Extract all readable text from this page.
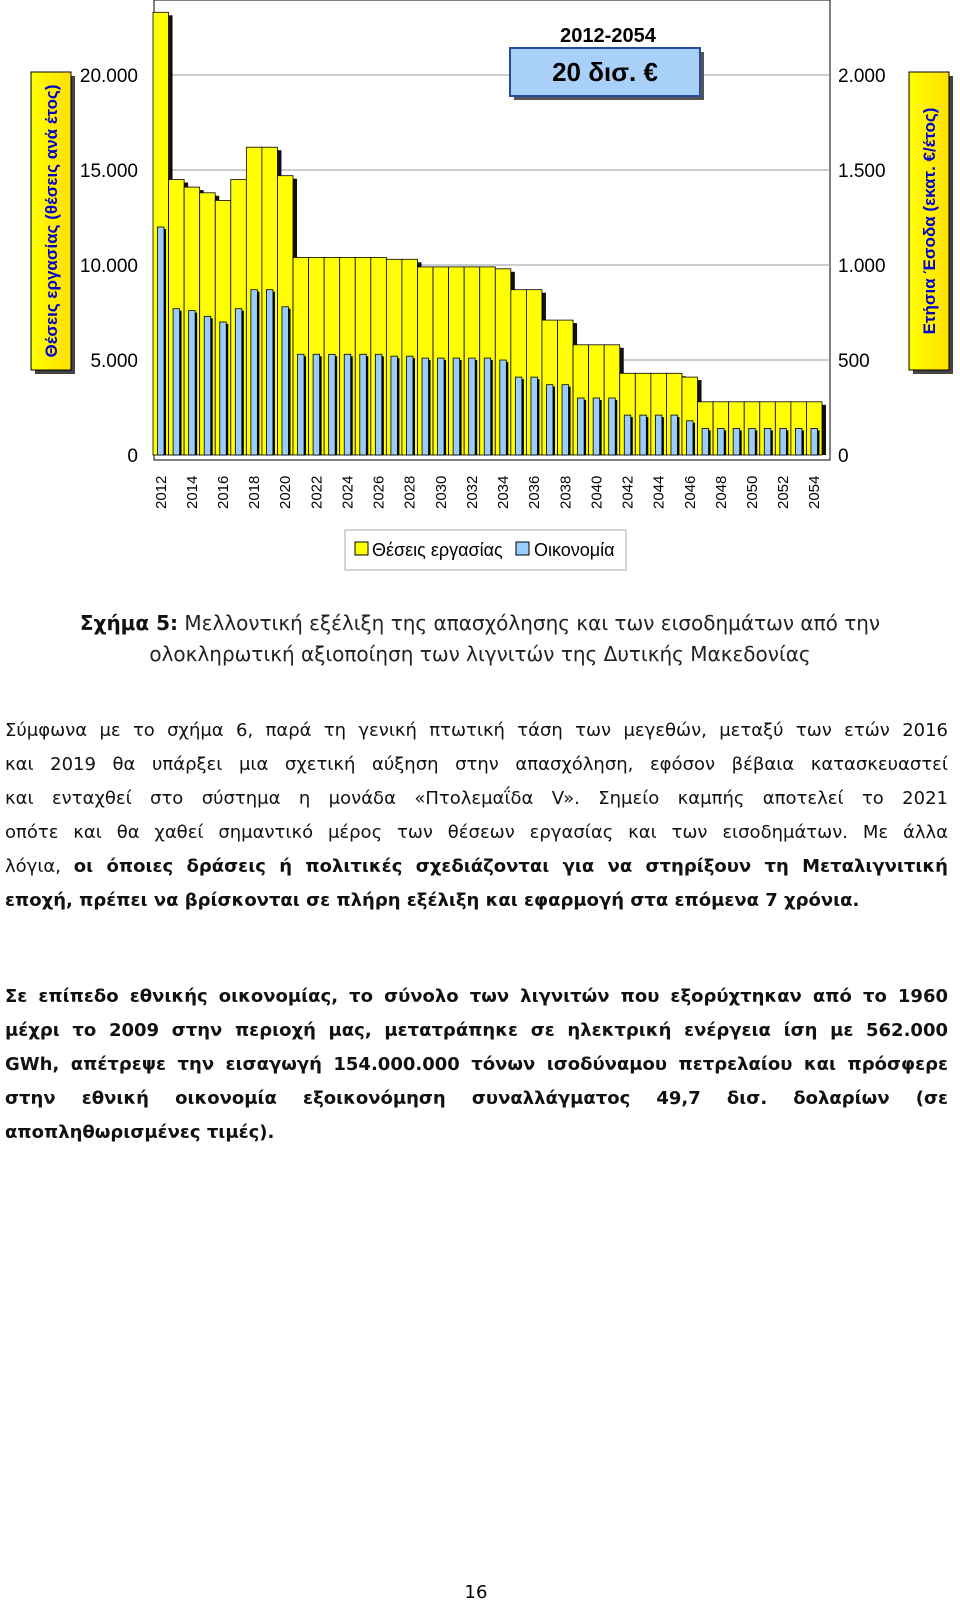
Θέσεις εργασίας (θέσεις ανά έτος)	Ετήσια Έσοδα (εκατ. €/έτος)
0
5.000
10.000
15.000
20.000
0
500
1.000
1.500
2.000
2012 2014 2016 2018 2020 2022 2024 2026 2028 2030 2032 2034 2036 2038 2040 2042 2044 2046 2048 2050 2052 2054
2012-2054
20 δισ. €
Θέσεις εργασίας Οικονομία
Σχήμα 5: Μελλοντική εξέλιξη της απασχόλησης και των εισοδημάτων από την
ολοκληρωτική αξιοποίηση των λιγνιτών της Δυτικής Μακεδονίας
Σύμφωνα με το σχήμα 6, παρά τη γενική πτωτική τάση των μεγεθών, μεταξύ των ετών 2016
και 2019 θα υπάρξει μια σχετική αύξηση στην απασχόληση, εφόσον βέβαια κατασκευαστεί
και ενταχθεί στο σύστημα η μονάδα «Πτολεμαΐδα V». Σημείο καμπής αποτελεί το 2021
οπότε και θα χαθεί σημαντικό μέρος των θέσεων εργασίας και των εισοδημάτων. Με άλλα
λόγια, οι όποιες δράσεις ή πολιτικές σχεδιάζονται για να στηρίξουν τη Μεταλιγνιτική
εποχή, πρέπει να βρίσκονται σε πλήρη εξέλιξη και εφαρμογή στα επόμενα 7 χρόνια.
Σε επίπεδο εθνικής οικονομίας, το σύνολο των λιγνιτών που εξορύχτηκαν από το 1960
μέχρι το 2009 στην περιοχή μας, μετατράπηκε σε ηλεκτρική ενέργεια ίση με 562.000
GWh, απέτρεψε την εισαγωγή 154.000.000 τόνων ισοδύναμου πετρελαίου και πρόσφερε
στην εθνική οικονομία εξοικονόμηση συναλλάγματος 49,7 δισ. δολαρίων (σε
αποπληθωρισμένες τιμές).
16
